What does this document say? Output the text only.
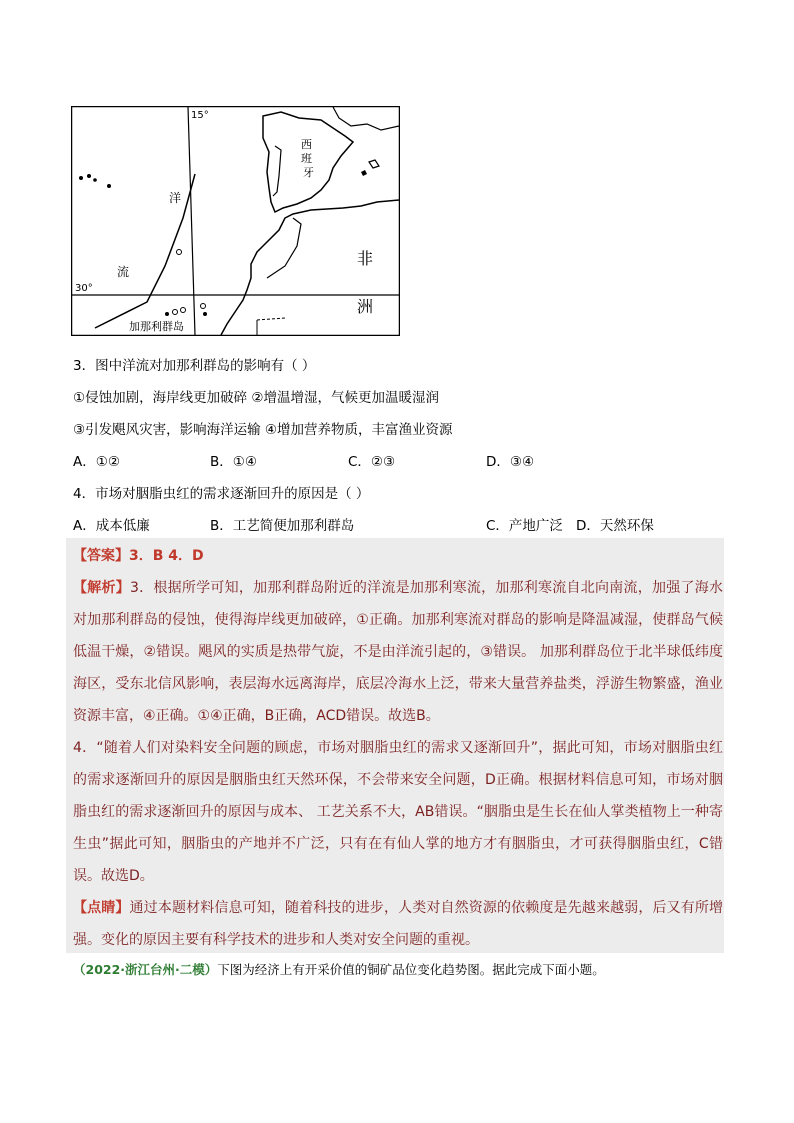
15°
30°
西
班
牙
洋
流
非
洲
加那利群岛
3．图中洋流对加那利群岛的影响有（ ）
①侵蚀加剧，海岸线更加破碎 ②增温增湿，气候更加温暖湿润
③引发飓风灾害，影响海洋运输 ④增加营养物质，丰富渔业资源
A．①②	B．①④	C．②③	D．③④
4．市场对胭脂虫红的需求逐渐回升的原因是（ ）
A．成本低廉	B．工艺简便加那利群岛	C．产地广泛 D．天然环保

【答案】3．B 4．D

【解析】3．根据所学可知，加那利群岛附近的洋流是加那利寒流，加那利寒流自北向南流，加强了海水对加那利群岛的侵蚀，使得海岸线更加破碎，①正确。加那利寒流对群岛的影响是降温减湿，使群岛气候低温干燥，②错误。飓风的实质是热带气旋，不是由洋流引起的，③错误。 加那利群岛位于北半球低纬度海区，受东北信风影响，表层海水远离海岸，底层冷海水上泛，带来大量营养盐类，浮游生物繁盛，渔业资源丰富，④正确。①④正确，B正确，ACD错误。故选B。

4．“随着人们对染料安全问题的顾虑，市场对胭脂虫红的需求又逐渐回升”，据此可知，市场对胭脂虫红的需求逐渐回升的原因是胭脂虫红天然环保，不会带来安全问题，D正确。根据材料信息可知，市场对胭脂虫红的需求逐渐回升的原因与成本、 工艺关系不大，AB错误。“胭脂虫是生长在仙人掌类植物上一种寄生虫”据此可知，胭脂虫的产地并不广泛，只有在有仙人掌的地方才有胭脂虫，才可获得胭脂虫红，C错误。故选D。

【点睛】通过本题材料信息可知，随着科技的进步，人类对自然资源的依赖度是先越来越弱，后又有所增强。变化的原因主要有科学技术的进步和人类对安全问题的重视。

（2022·浙江台州·二模）下图为经济上有开采价值的铜矿品位变化趋势图。据此完成下面小题。
